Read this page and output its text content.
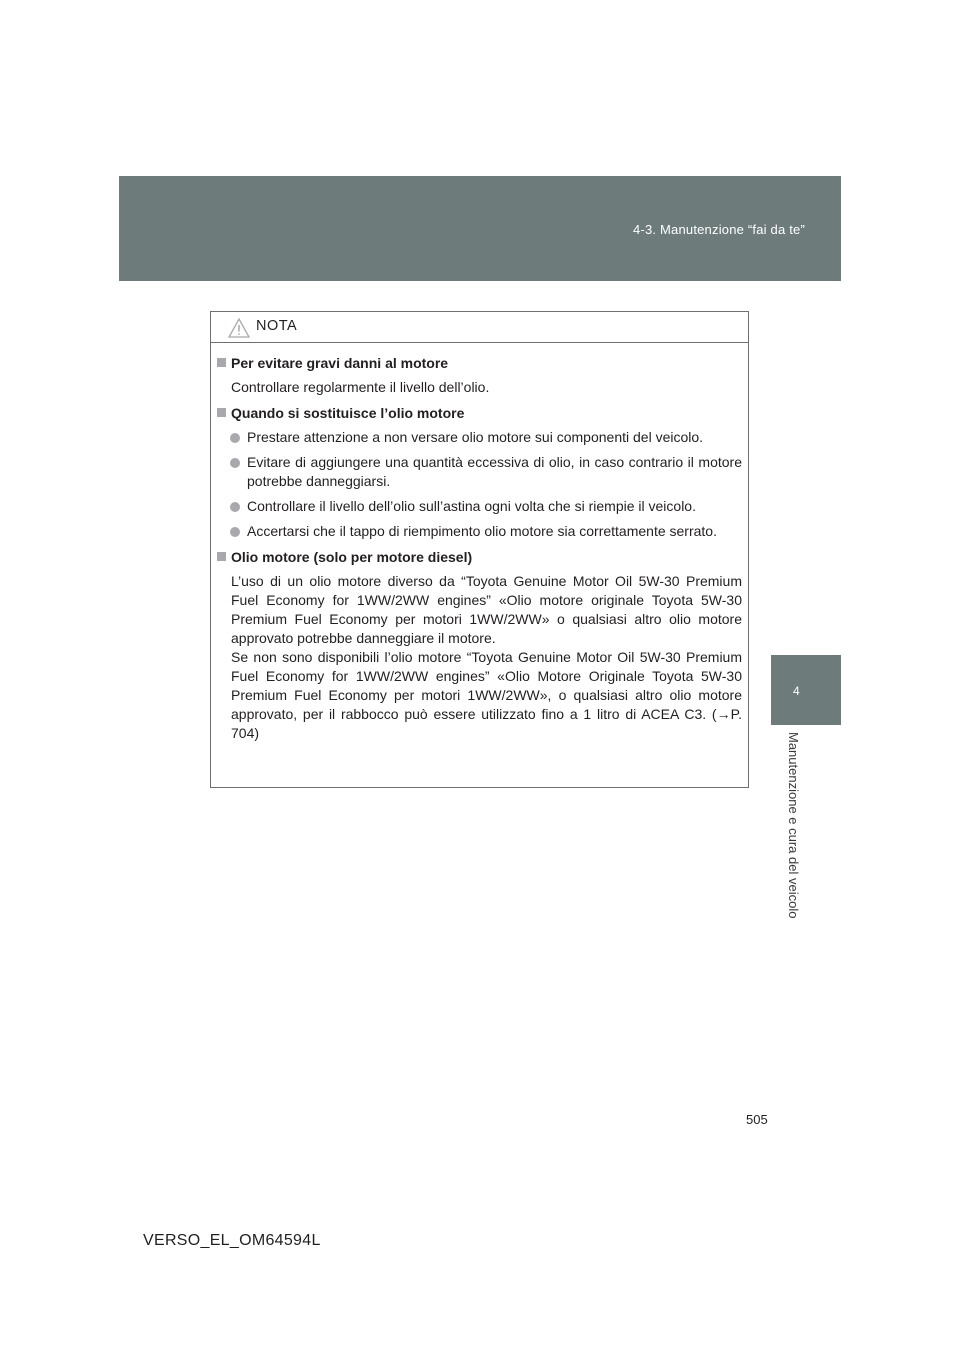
4-3. Manutenzione “fai da te”
4
Manutenzione e cura del veicolo
NOTA
Per evitare gravi danni al motore
Controllare regolarmente il livello dell’olio.
Quando si sostituisce l’olio motore
Prestare attenzione a non versare olio motore sui componenti del veicolo.
Evitare di aggiungere una quantità eccessiva di olio, in caso contrario il motore potrebbe danneggiarsi.
Controllare il livello dell’olio sull’astina ogni volta che si riempie il veicolo.
Accertarsi che il tappo di riempimento olio motore sia correttamente serrato.
Olio motore (solo per motore diesel)
L’uso di un olio motore diverso da “Toyota Genuine Motor Oil 5W-30 Premium Fuel Economy for 1WW/2WW engines” «Olio motore originale Toyota 5W-30 Premium Fuel Economy per motori 1WW/2WW» o qualsiasi altro olio motore approvato potrebbe danneggiare il motore.
Se non sono disponibili l’olio motore “Toyota Genuine Motor Oil 5W-30 Premium Fuel Economy for 1WW/2WW engines” «Olio Motore Originale Toyota 5W-30 Premium Fuel Economy per motori 1WW/2WW», o qualsiasi altro olio motore approvato, per il rabbocco può essere utilizzato fino a 1 litro di ACEA C3. (→P. 704)
505
VERSO_EL_OM64594L
